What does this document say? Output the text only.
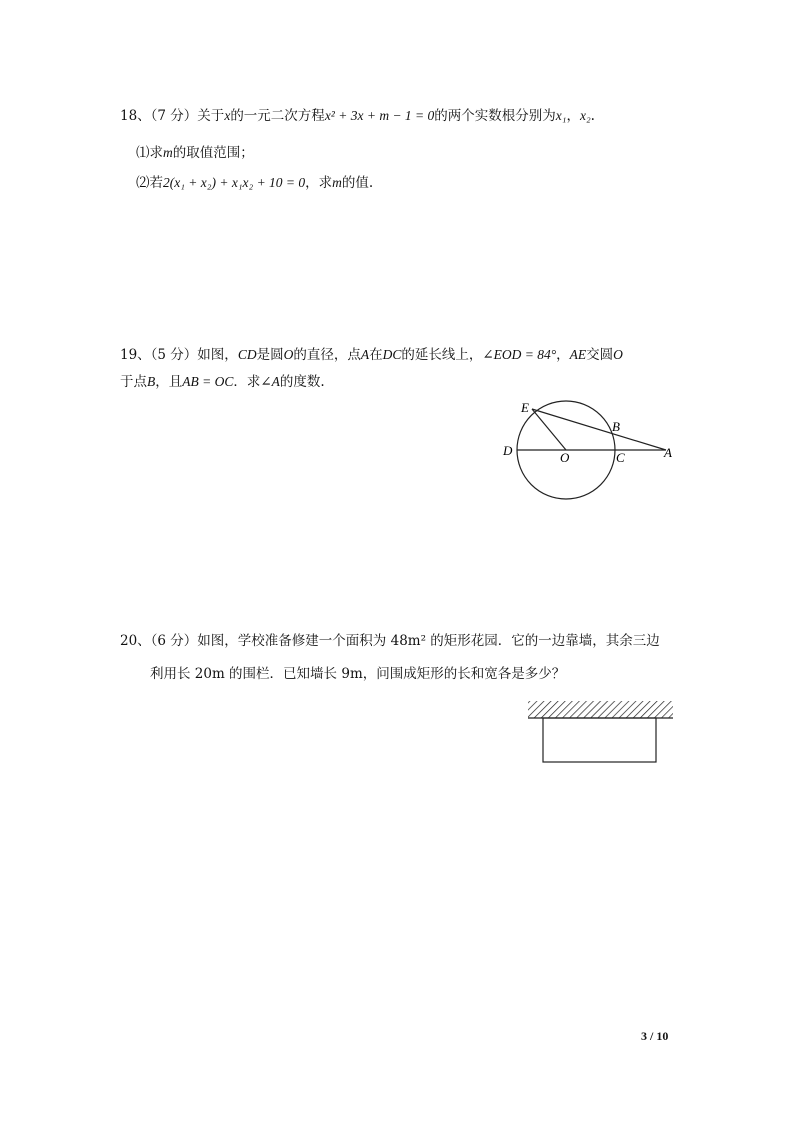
18、（7 分）关于x的一元二次方程x² + 3x + m − 1 = 0的两个实数根分别为x₁，x₂.
⑴求m的取值范围；
⑵若2(x₁ + x₂) + x₁x₂ + 10 = 0，求m的值.
19、（5 分）如图，CD是圆O的直径，点A在DC的延长线上，∠EOD = 84°，AE交圆O
于点B，且AB = OC．求∠A的度数.
E
B
D	O	C	A
20、（6 分）如图，学校准备修建一个面积为 48m² 的矩形花园．它的一边靠墙，其余三边
利用长 20m 的围栏．已知墙长 9m，问围成矩形的长和宽各是多少？
3 / 10
